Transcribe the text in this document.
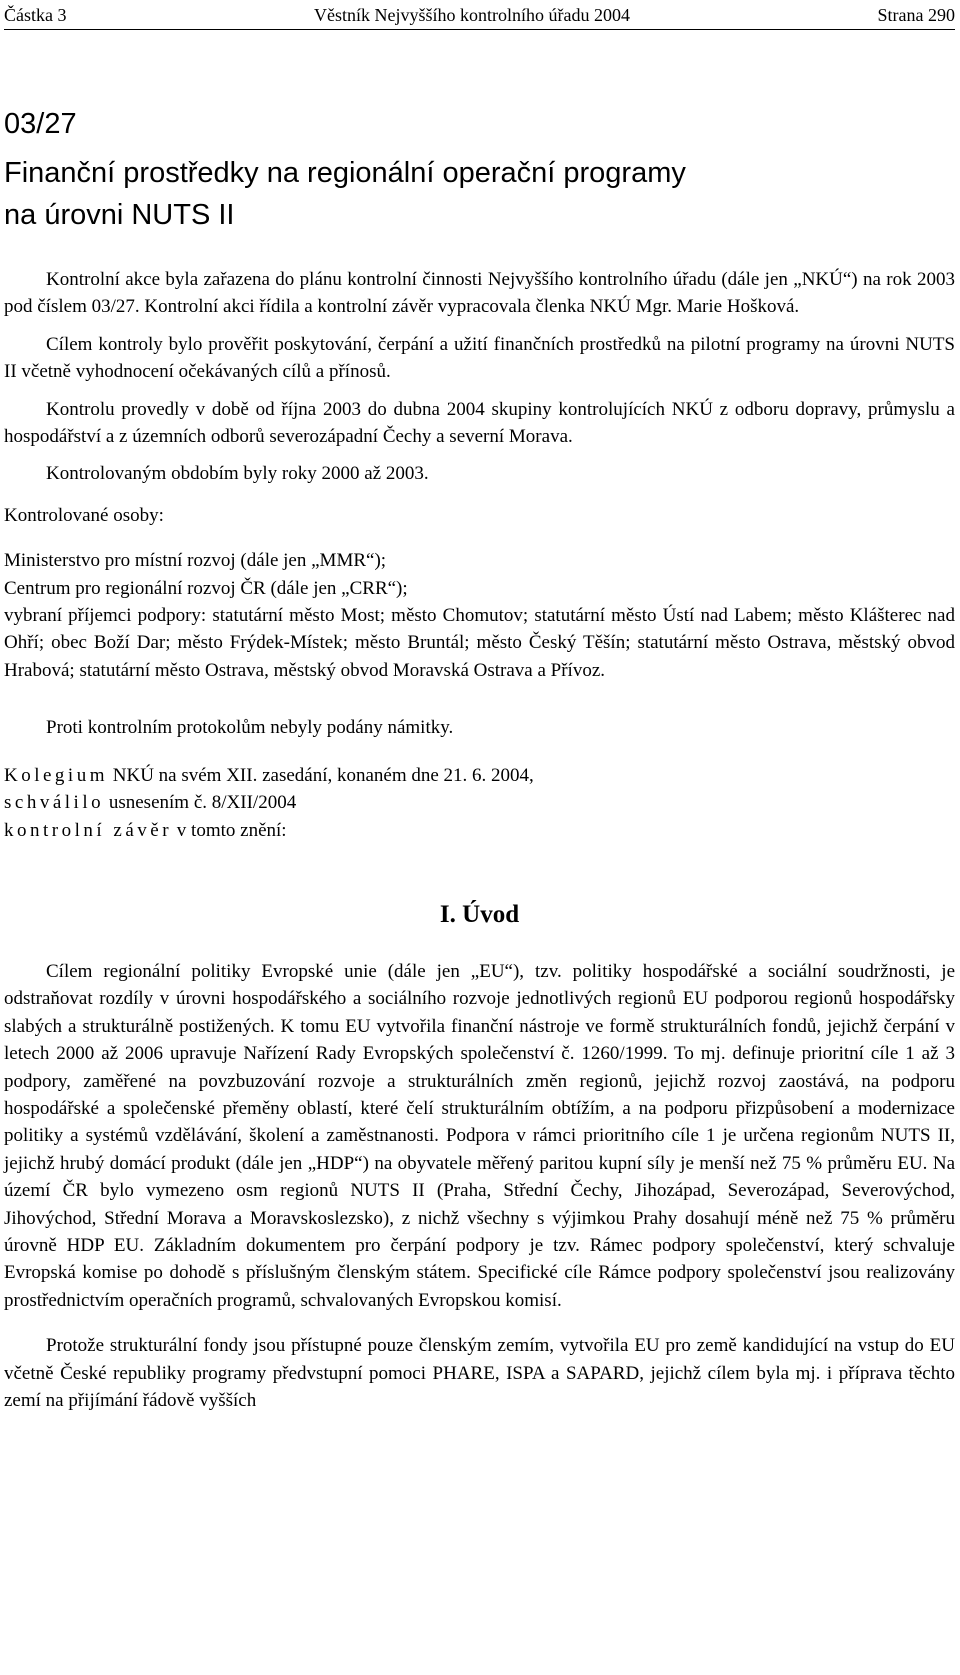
Částka 3	Věstník Nejvyššího kontrolního úřadu 2004	Strana 290
03/27
Finanční prostředky na regionální operační programy
na úrovni NUTS II

Kontrolní akce byla zařazena do plánu kontrolní činnosti Nejvyššího kontrolního úřadu (dále jen „NKÚ“) na rok 2003 pod číslem 03/27. Kontrolní akci řídila a kontrolní závěr vypracovala členka NKÚ Mgr. Marie Hošková.

Cílem kontroly bylo prověřit poskytování, čerpání a užití finančních prostředků na pilotní programy na úrovni NUTS II včetně vyhodnocení očekávaných cílů a přínosů.

Kontrolu provedly v době od října 2003 do dubna 2004 skupiny kontrolujících NKÚ z odboru dopravy, průmyslu a hospodářství a z územních odborů severozápadní Čechy a severní Morava.

Kontrolovaným obdobím byly roky 2000 až 2003.

Kontrolované osoby:

Ministerstvo pro místní rozvoj (dále jen „MMR“);

Centrum pro regionální rozvoj ČR (dále jen „CRR“);

vybraní příjemci podpory: statutární město Most; město Chomutov; statutární město Ústí nad Labem; město Klášterec nad Ohří; obec Boží Dar; město Frýdek-Místek; město Bruntál; město Český Těšín; statutární město Ostrava, městský obvod Hrabová; statutární město Ostrava, městský obvod Moravská Ostrava a Přívoz.

Proti kontrolním protokolům nebyly podány námitky.

Kolegium NKÚ na svém XII. zasedání, konaném dne 21. 6. 2004,

schválilo usnesením č. 8/XII/2004

kontrolní závěr v tomto znění:

I. Úvod

Cílem regionální politiky Evropské unie (dále jen „EU“), tzv. politiky hospodářské a sociální soudržnosti, je odstraňovat rozdíly v úrovni hospodářského a sociálního rozvoje jednotlivých regionů EU podporou regionů hospodářsky slabých a strukturálně postižených. K tomu EU vytvořila finanční nástroje ve formě strukturálních fondů, jejichž čerpání v letech 2000 až 2006 upravuje Nařízení Rady Evropských společenství č. 1260/1999. To mj. definuje prioritní cíle 1 až 3 podpory, zaměřené na povzbuzování rozvoje a strukturálních změn regionů, jejichž rozvoj zaostává, na podporu hospodářské a společenské přeměny oblastí, které čelí strukturálním obtížím, a na podporu přizpůsobení a modernizace politiky a systémů vzdělávání, školení a zaměstnanosti. Podpora v rámci prioritního cíle 1 je určena regionům NUTS II, jejichž hrubý domácí produkt (dále jen „HDP“) na obyvatele měřený paritou kupní síly je menší než 75 % průměru EU. Na území ČR bylo vymezeno osm regionů NUTS II (Praha, Střední Čechy, Jihozápad, Severozápad, Severovýchod, Jihovýchod, Střední Morava a Moravskoslezsko), z nichž všechny s výjimkou Prahy dosahují méně než 75 % průměru úrovně HDP EU. Základním dokumentem pro čerpání podpory je tzv. Rámec podpory společenství, který schvaluje Evropská komise po dohodě s příslušným členským státem. Specifické cíle Rámce podpory společenství jsou realizovány prostřednictvím operačních programů, schvalovaných Evropskou komisí.

Protože strukturální fondy jsou přístupné pouze členským zemím, vytvořila EU pro země kandidující na vstup do EU včetně České republiky programy předvstupní pomoci PHARE, ISPA a SAPARD, jejichž cílem byla mj. i příprava těchto zemí na přijímání řádově vyšších
